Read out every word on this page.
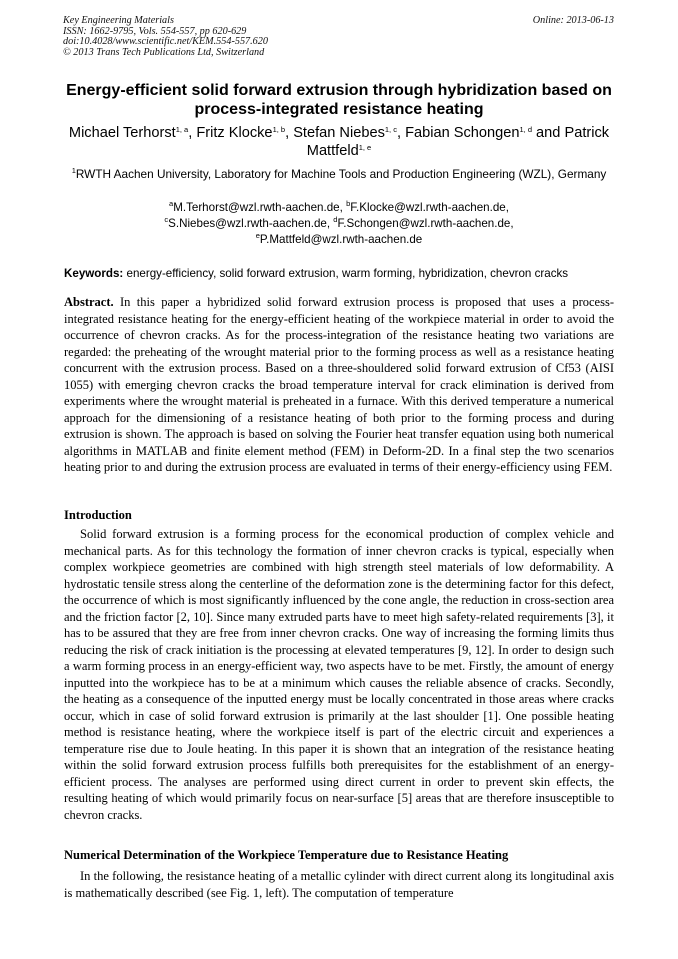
Key Engineering Materials
ISSN: 1662-9795, Vols. 554-557, pp 620-629
doi:10.4028/www.scientific.net/KEM.554-557.620
© 2013 Trans Tech Publications Ltd, Switzerland
Online: 2013-06-13
Energy-efficient solid forward extrusion through hybridization based on process-integrated resistance heating
Michael Terhorst$^{1, a}$, Fritz Klocke$^{1, b}$, Stefan Niebes$^{1, c}$, Fabian Schongen$^{1, d}$ and Patrick Mattfeld$^{1, e}$
$^1$RWTH Aachen University, Laboratory for Machine Tools and Production Engineering (WZL), Germany
$^a$M.Terhorst@wzl.rwth-aachen.de, $^b$F.Klocke@wzl.rwth-aachen.de,
$^c$S.Niebes@wzl.rwth-aachen.de, $^d$F.Schongen@wzl.rwth-aachen.de,
$^e$P.Mattfeld@wzl.rwth-aachen.de
Keywords: energy-efficiency, solid forward extrusion, warm forming, hybridization, chevron cracks
Abstract. In this paper a hybridized solid forward extrusion process is proposed that uses a process-integrated resistance heating for the energy-efficient heating of the workpiece material in order to avoid the occurrence of chevron cracks. As for the process-integration of the resistance heating two variations are regarded: the preheating of the wrought material prior to the forming process as well as a resistance heating concurrent with the extrusion process. Based on a three-shouldered solid forward extrusion of Cf53 (AISI 1055) with emerging chevron cracks the broad temperature interval for crack elimination is derived from experiments where the wrought material is preheated in a furnace. With this derived temperature a numerical approach for the dimensioning of a resistance heating of both prior to the forming process and during extrusion is shown. The approach is based on solving the Fourier heat transfer equation using both numerical algorithms in MATLAB and finite element method (FEM) in Deform-2D. In a final step the two scenarios heating prior to and during the extrusion process are evaluated in terms of their energy-efficiency using FEM.
Introduction

Solid forward extrusion is a forming process for the economical production of complex vehicle and mechanical parts. As for this technology the formation of inner chevron cracks is typical, especially when complex workpiece geometries are combined with high strength steel materials of low deformability. A hydrostatic tensile stress along the centerline of the deformation zone is the determining factor for this defect, the occurrence of which is most significantly influenced by the cone angle, the reduction in cross-section area and the friction factor [2, 10]. Since many extruded parts have to meet high safety-related requirements [3], it has to be assured that they are free from inner chevron cracks. One way of increasing the forming limits thus reducing the risk of crack initiation is the processing at elevated temperatures [9, 12]. In order to design such a warm forming process in an energy-efficient way, two aspects have to be met. Firstly, the amount of energy inputted into the workpiece has to be at a minimum which causes the reliable absence of cracks. Secondly, the heating as a consequence of the inputted energy must be locally concentrated in those areas where cracks occur, which in case of solid forward extrusion is primarily at the last shoulder [1]. One possible heating method is resistance heating, where the workpiece itself is part of the electric circuit and experiences a temperature rise due to Joule heating. In this paper it is shown that an integration of the resistance heating within the solid forward extrusion process fulfills both prerequisites for the establishment of an energy-efficient process. The analyses are performed using direct current in order to prevent skin effects, the resulting heating of which would primarily focus on near-surface [5] areas that are therefore insusceptible to chevron cracks.

Numerical Determination of the Workpiece Temperature due to Resistance Heating

In the following, the resistance heating of a metallic cylinder with direct current along its longitudinal axis is mathematically described (see Fig. 1, left). The computation of temperature
